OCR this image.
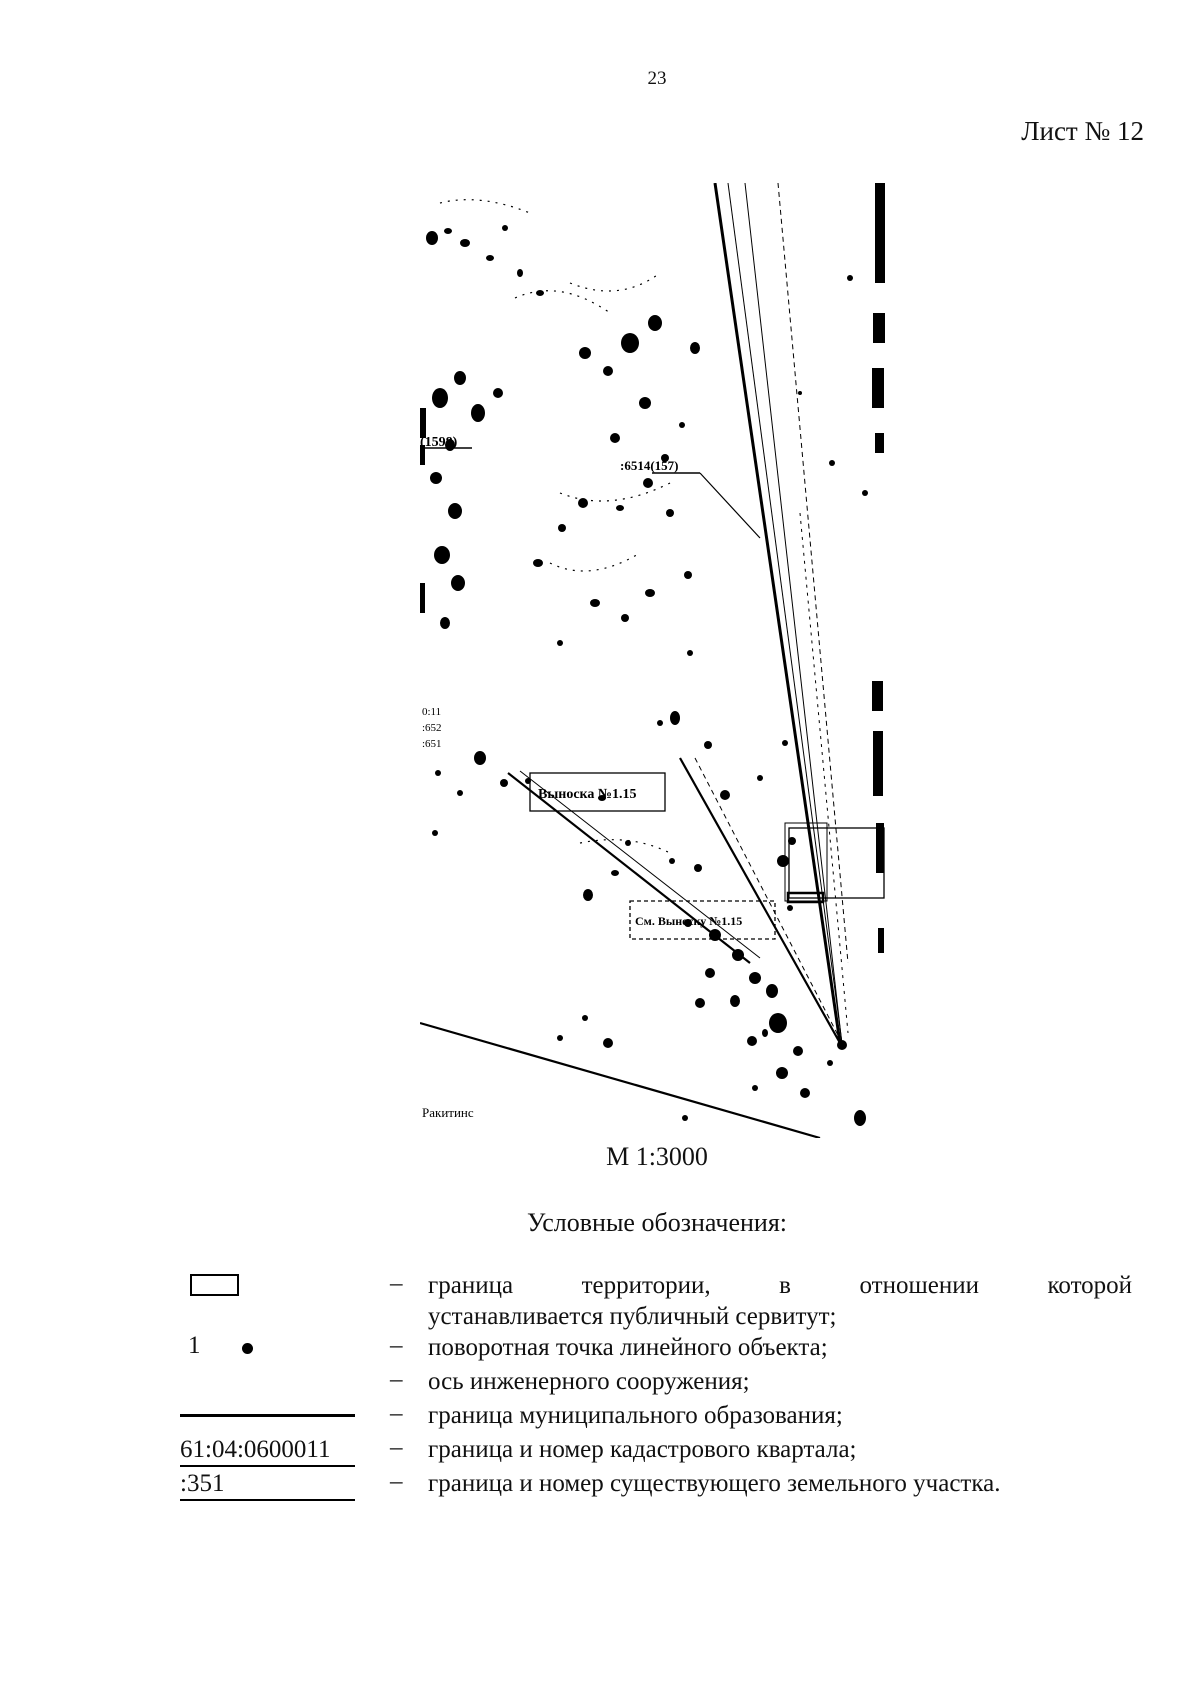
23
Лист № 12
(1598)
:6514(157)
Выноска №1.15
См. Выноску №1.15
0:11
:652
:651
Ракитинс
М 1:3000
Условные обозначения:
– граница	территории,	в	отношении	которой
устанавливается публичный сервитут;
1	– поворотная точка линейного объекта;
– ось инженерного сооружения;
– граница муниципального образования;
61:04:0600011	– граница и номер кадастрового квартала;
:351	– граница и номер существующего земельного участка.
